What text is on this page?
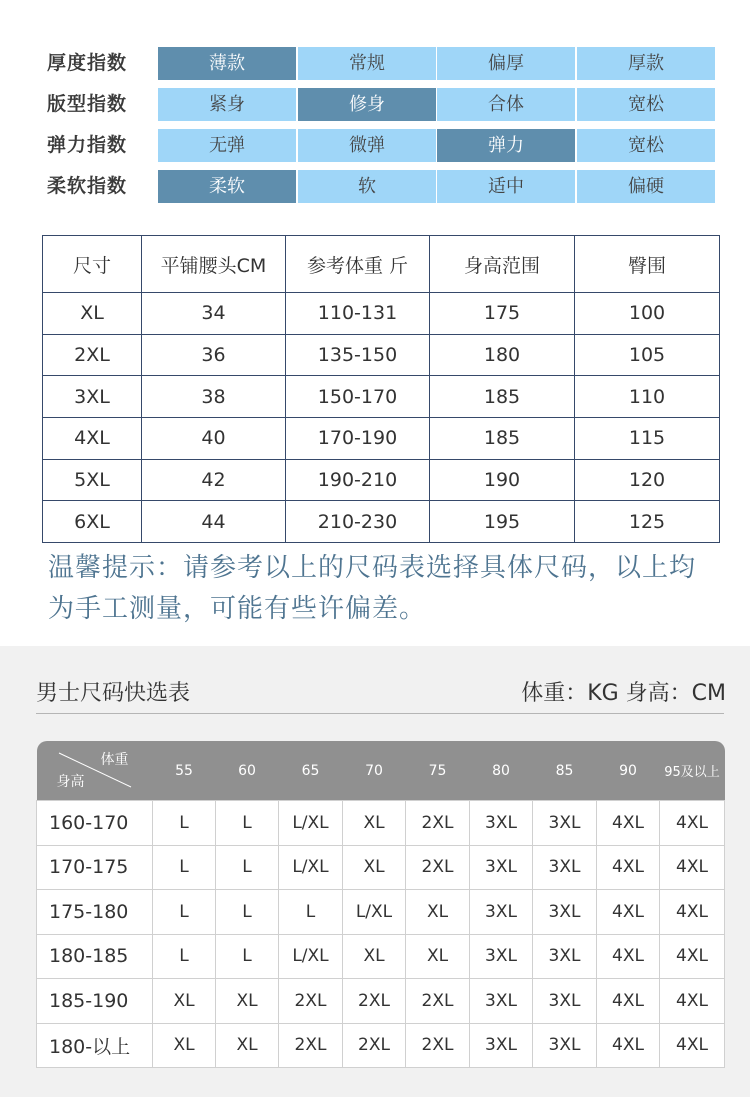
厚度指数	薄款	常规	偏厚	厚款
版型指数	紧身	修身	合体	宽松
弹力指数	无弹	微弹	弹力	宽松
柔软指数	柔软	软	适中	偏硬
尺寸	平铺腰头CM	参考体重 斤	身高范围	臀围
XL	34	110-131	175	100
2XL	36	135-150	180	105
3XL	38	150-170	185	110
4XL	40	170-190	185	115
5XL	42	190-210	190	120
6XL	44	210-230	195	125
温馨提示：请参考以上的尺码表选择具体尺码，以上均为手工测量，可能有些许偏差。
男士尺码快选表	体重：KG 身高：CM
体重
身高	55	60	65	70	75	80	85	90	95及以上
160-170	L	L	L/XL	XL	2XL	3XL	3XL	4XL	4XL
170-175	L	L	L/XL	XL	2XL	3XL	3XL	4XL	4XL
175-180	L	L	L	L/XL	XL	3XL	3XL	4XL	4XL
180-185	L	L	L/XL	XL	XL	3XL	3XL	4XL	4XL
185-190	XL	XL	2XL	2XL	2XL	3XL	3XL	4XL	4XL
180-以上	XL	XL	2XL	2XL	2XL	3XL	3XL	4XL	4XL
